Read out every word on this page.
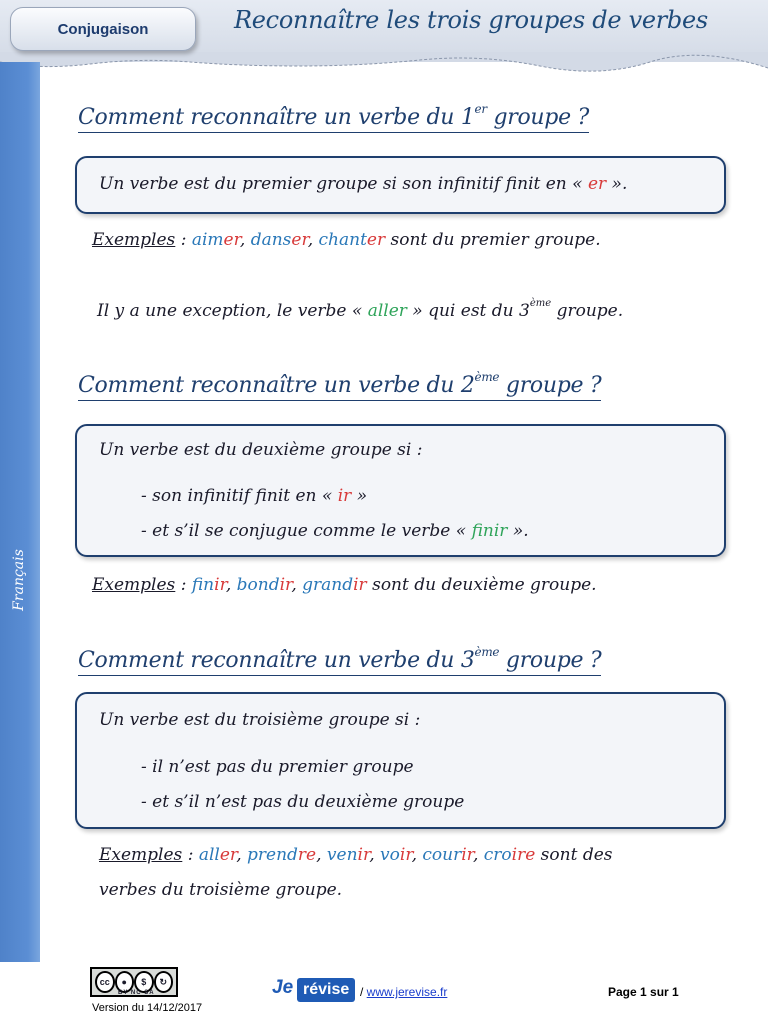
Conjugaison	Reconnaître les trois groupes de verbes
Français
Comment reconnaître un verbe du 1er groupe ?
Un verbe est du premier groupe si son infinitif finit en « er ».
Exemples : aimer, danser, chanter sont du premier groupe.
Il y a une exception, le verbe « aller » qui est du 3ème groupe.
Comment reconnaître un verbe du 2ème groupe ?
Un verbe est du deuxième groupe si :
- son infinitif finit en « ir »
- et s’il se conjugue comme le verbe « finir ».
Exemples : finir, bondir, grandir sont du deuxième groupe.
Comment reconnaître un verbe du 3ème groupe ?
Un verbe est du troisième groupe si :
- il n’est pas du premier groupe
- et s’il n’est pas du deuxième groupe
Exemples : aller, prendre, venir, voir, courir, croire sont des
verbes du troisième groupe.
cc	●	$	↻
BY NC SA
Version du 14/12/2017
Je révise / www.jerevise.fr	Page 1 sur 1
